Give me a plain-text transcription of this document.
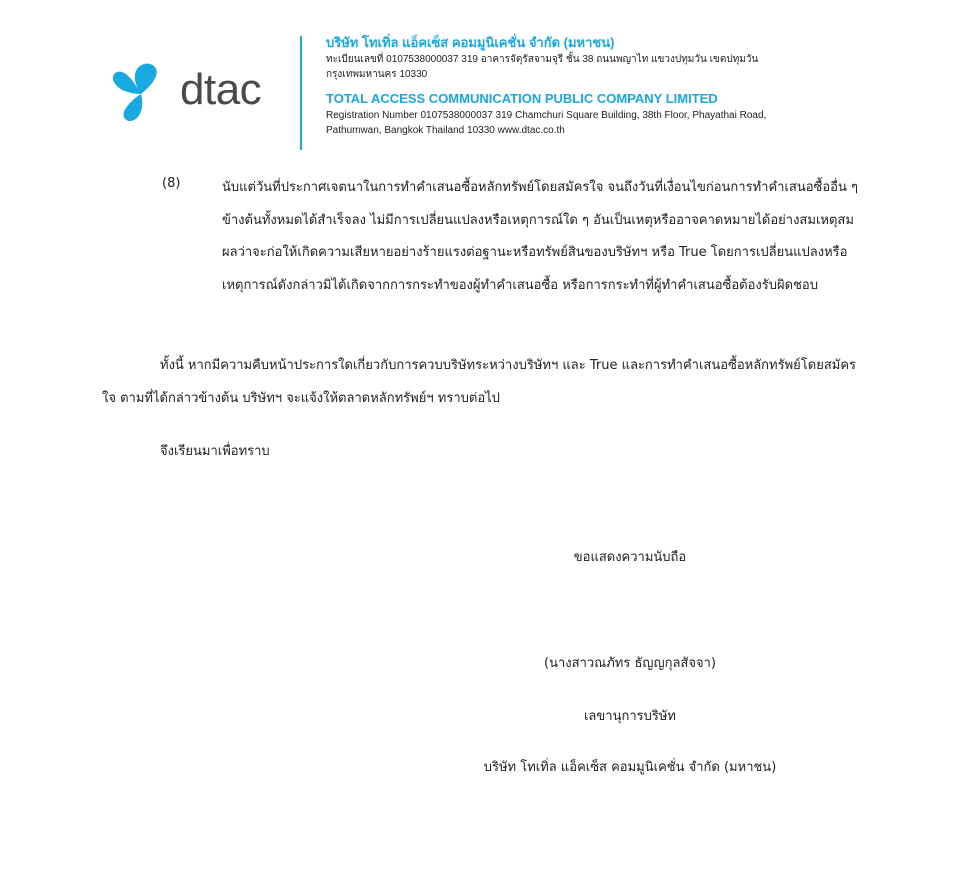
dtac
บริษัท โทเทิ่ล แอ็คเซ็ส คอมมูนิเคชั่น จำกัด (มหาชน)
ทะเบียนเลขที่ 0107538000037 319 อาคารจัตุรัสจามจุรี ชั้น 38 ถนนพญาไท แขวงปทุมวัน เขตปทุมวัน
กรุงเทพมหานคร 10330
TOTAL ACCESS COMMUNICATION PUBLIC COMPANY LIMITED
Registration Number 0107538000037 319 Chamchuri Square Building, 38th Floor, Phayathai Road,
Pathumwan, Bangkok Thailand 10330 www.dtac.co.th
(8)	นับแต่วันที่ประกาศเจตนาในการทำคำเสนอซื้อหลักทรัพย์โดยสมัครใจ จนถึงวันที่เงื่อนไขก่อนการทำคำเสนอซื้ออื่น ๆ ข้างต้นทั้งหมดได้สำเร็จลง ไม่มีการเปลี่ยนแปลงหรือเหตุการณ์ใด ๆ อันเป็นเหตุหรืออาจคาดหมายได้อย่างสมเหตุสมผลว่าจะก่อให้เกิดความเสียหายอย่างร้ายแรงต่อฐานะหรือทรัพย์สินของบริษัทฯ หรือ True โดยการเปลี่ยนแปลงหรือเหตุการณ์ดังกล่าวมิได้เกิดจากการกระทำของผู้ทำคำเสนอซื้อ หรือการกระทำที่ผู้ทำคำเสนอซื้อต้องรับผิดชอบ
ทั้งนี้ หากมีความคืบหน้าประการใดเกี่ยวกับการควบบริษัทระหว่างบริษัทฯ และ True และการทำคำเสนอซื้อหลักทรัพย์โดยสมัครใจ ตามที่ได้กล่าวข้างต้น บริษัทฯ จะแจ้งให้ตลาดหลักทรัพย์ฯ ทราบต่อไป
จึงเรียนมาเพื่อทราบ
ขอแสดงความนับถือ
(นางสาวณภัทร ธัญญกุลสัจจา)
เลขานุการบริษัท
บริษัท โทเทิ่ล แอ็คเซ็ส คอมมูนิเคชั่น จำกัด (มหาชน)
